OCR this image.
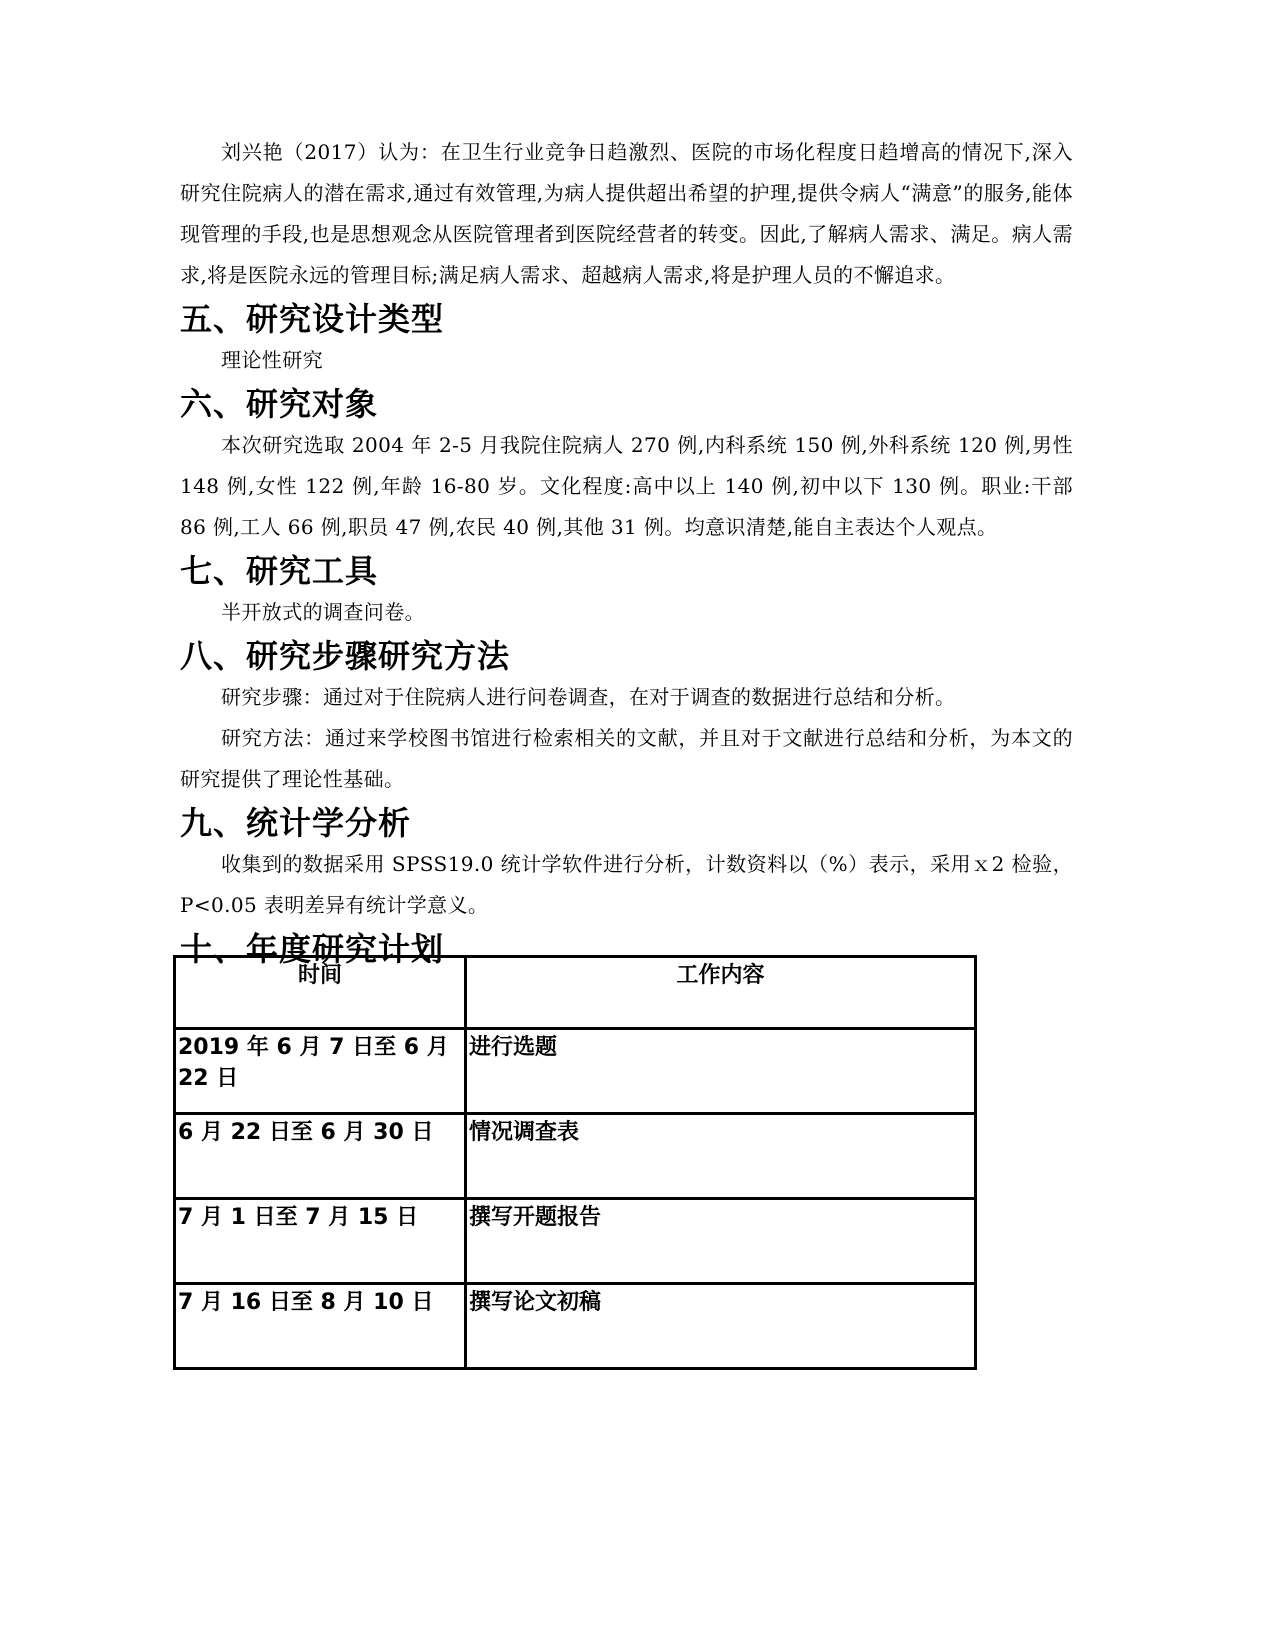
刘兴艳（2017）认为：在卫生行业竞争日趋激烈、医院的市场化程度日趋增高的情况下,深入研究住院病人的潜在需求,通过有效管理,为病人提供超出希望的护理,提供令病人“满意”的服务,能体现管理的手段,也是思想观念从医院管理者到医院经营者的转变。因此,了解病人需求、满足。病人需求,将是医院永远的管理目标;满足病人需求、超越病人需求,将是护理人员的不懈追求。

五、研究设计类型

理论性研究

六、研究对象

本次研究选取 2004 年 2-5 月我院住院病人 270 例,内科系统 150 例,外科系统 120 例,男性 148 例,女性 122 例,年龄 16-80 岁。文化程度:高中以上 140 例,初中以下 130 例。职业:干部 86 例,工人 66 例,职员 47 例,农民 40 例,其他 31 例。均意识清楚,能自主表达个人观点。

七、研究工具

半开放式的调查问卷。

八、研究步骤研究方法

研究步骤：通过对于住院病人进行问卷调查，在对于调查的数据进行总结和分析。

研究方法：通过来学校图书馆进行检索相关的文献，并且对于文献进行总结和分析，为本文的研究提供了理论性基础。

九、统计学分析

收集到的数据采用 SPSS19.0 统计学软件进行分析，计数资料以（%）表示，采用ｘ2 检验，P<0.05 表明差异有统计学意义。

十、年度研究计划
时间	工作内容
2019 年 6 月 7 日至 6 月 22 日	进行选题
6 月 22 日至 6 月 30 日	情况调查表
7 月 1 日至 7 月 15 日	撰写开题报告
7 月 16 日至 8 月 10 日	撰写论文初稿
